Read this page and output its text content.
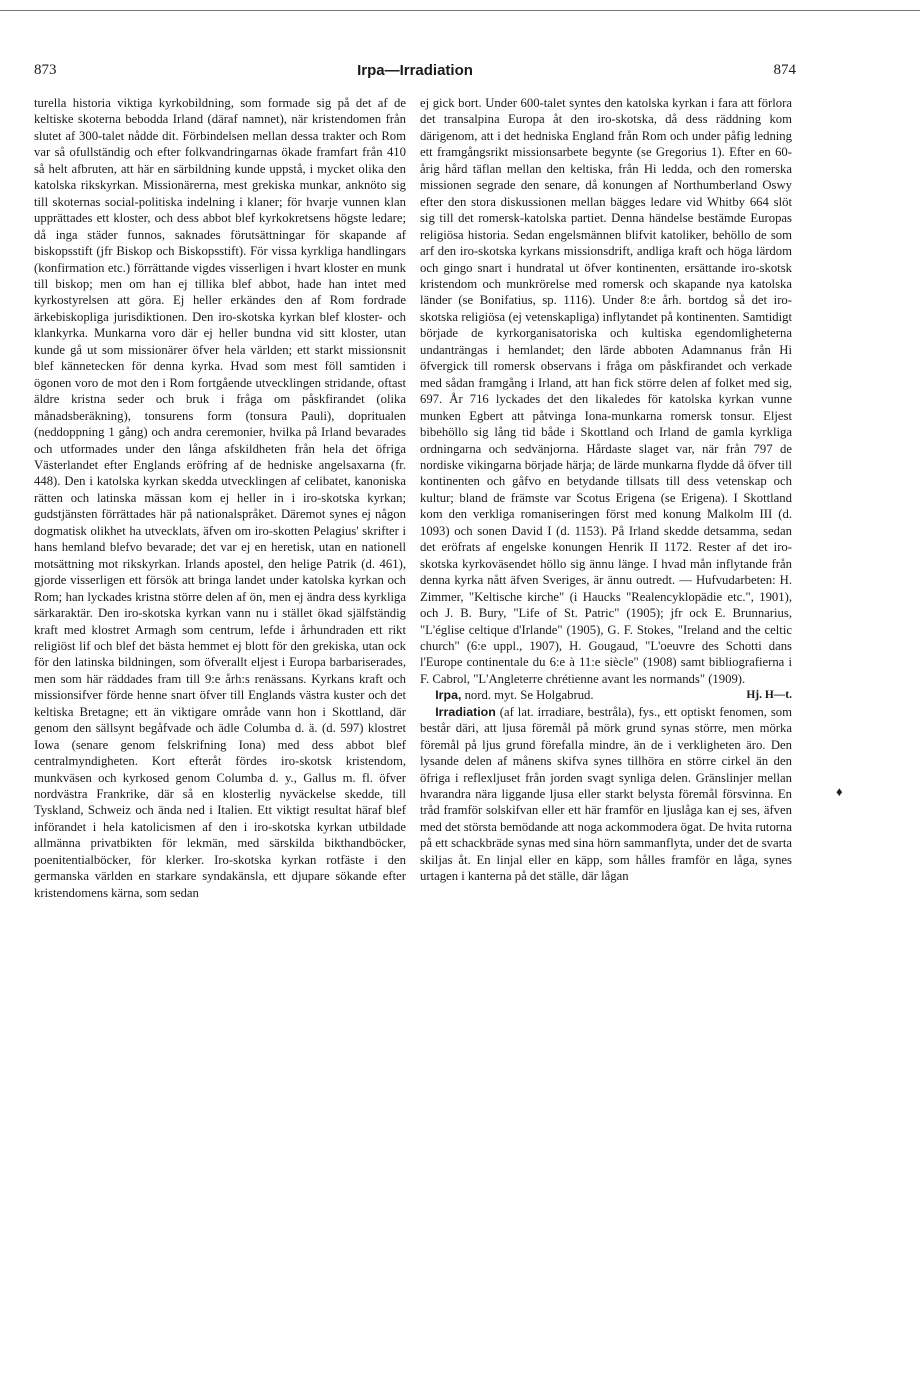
873	Irpa—Irradiation	874

turella historia viktiga kyrkobildning, som formade sig på det af de keltiske skoterna bebodda Irland (däraf namnet), när kristendomen från slutet af 300-talet nådde dit. Förbindelsen mellan dessa trakter och Rom var så ofullständig och efter folkvandringarnas ökade framfart från 410 så helt afbruten, att här en särbildning kunde uppstå, i mycket olika den katolska rikskyrkan. Missionärerna, mest grekiska munkar, anknöto sig till skoternas social-politiska indelning i klaner; för hvarje vunnen klan upprättades ett kloster, och dess abbot blef kyrkokretsens högste ledare; då inga städer funnos, saknades förutsättningar för skapande af biskopsstift (jfr Biskop och Biskopsstift). För vissa kyrkliga handlingars (konfirmation etc.) förrättande vigdes visserligen i hvart kloster en munk till biskop; men om han ej tillika blef abbot, hade han intet med kyrkostyrelsen att göra. Ej heller erkändes den af Rom fordrade ärkebiskopliga jurisdiktionen. Den iro-skotska kyrkan blef kloster- och klankyrka. Munkarna voro där ej heller bundna vid sitt kloster, utan kunde gå ut som missionärer öfver hela världen; ett starkt missionsnit blef kännetecken för denna kyrka. Hvad som mest föll samtiden i ögonen voro de mot den i Rom fortgående utvecklingen stridande, oftast äldre kristna seder och bruk i fråga om påskfirandet (olika månadsberäkning), tonsurens form (tonsura Pauli), dopritualen (neddoppning 1 gång) och andra ceremonier, hvilka på Irland bevarades och utformades under den långa afskildheten från hela det öfriga Västerlandet efter Englands eröfring af de hedniske angelsaxarna (fr. 448). Den i katolska kyrkan skedda utvecklingen af celibatet, kanoniska rätten och latinska mässan kom ej heller in i iro-skotska kyrkan; gudstjänsten förrättades här på nationalspråket. Däremot synes ej någon dogmatisk olikhet ha utvecklats, äfven om iro-skotten Pelagius' skrifter i hans hemland blefvo bevarade; det var ej en heretisk, utan en nationell motsättning mot rikskyrkan. Irlands apostel, den helige Patrik (d. 461), gjorde visserligen ett försök att bringa landet under katolska kyrkan och Rom; han lyckades kristna större delen af ön, men ej ändra dess kyrkliga särkaraktär. Den iro-skotska kyrkan vann nu i stället ökad själfständig kraft med klostret Armagh som centrum, lefde i århundraden ett rikt religiöst lif och blef det bästa hemmet ej blott för den grekiska, utan ock för den latinska bildningen, som öfverallt eljest i Europa barbariserades, men som här räddades fram till 9:e årh:s renässans. Kyrkans kraft och missionsifver förde henne snart öfver till Englands västra kuster och det keltiska Bretagne; ett än viktigare område vann hon i Skottland, där genom den sällsynt begåfvade och ädle Columba d. ä. (d. 597) klostret Iowa (senare genom felskrifning Iona) med dess abbot blef centralmyndigheten. Kort efteråt fördes iro-skotsk kristendom, munkväsen och kyrkosed genom Columba d. y., Gallus m. fl. öfver nordvästra Frankrike, där så en klosterlig nyväckelse skedde, till Tyskland, Schweiz och ända ned i Italien. Ett viktigt resultat häraf blef införandet i hela katolicismen af den i iro-skotska kyrkan utbildade allmänna privatbikten för lekmän, med särskilda bikthandböcker, poenitentialböcker, för klerker. Iro-skotska kyrkan rotfäste i den germanska världen en starkare syndakänsla, ett djupare sökande efter kristendomens kärna, som sedan

ej gick bort. Under 600-talet syntes den katolska kyrkan i fara att förlora det transalpina Europa åt den iro-skotska, då dess räddning kom därigenom, att i det hedniska England från Rom och under påfig ledning ett framgångsrikt missionsarbete begynte (se Gregorius 1). Efter en 60-årig hård täflan mellan den keltiska, från Hi ledda, och den romerska missionen segrade den senare, då konungen af Northumberland Oswy efter den stora diskussionen mellan bägges ledare vid Whitby 664 slöt sig till det romersk-katolska partiet. Denna händelse bestämde Europas religiösa historia. Sedan engelsmännen blifvit katoliker, behöllo de som arf den iro-skotska kyrkans missionsdrift, andliga kraft och höga lärdom och gingo snart i hundratal ut öfver kontinenten, ersättande iro-skotsk kristendom och munkrörelse med romersk och skapande nya katolska länder (se Bonifatius, sp. 1116). Under 8:e årh. bortdog så det iro-skotska religiösa (ej vetenskapliga) inflytandet på kontinenten. Samtidigt började de kyrkorganisatoriska och kultiska egendomligheterna undanträngas i hemlandet; den lärde abboten Adamnanus från Hi öfvergick till romersk observans i fråga om påskfirandet och verkade med sådan framgång i Irland, att han fick större delen af folket med sig, 697. År 716 lyckades det den likaledes för katolska kyrkan vunne munken Egbert att påtvinga Iona-munkarna romersk tonsur. Eljest bibehöllo sig lång tid både i Skottland och Irland de gamla kyrkliga ordningarna och sedvänjorna. Hårdaste slaget var, när från 797 de nordiske vikingarna började härja; de lärde munkarna flydde då öfver till kontinenten och gåfvo en betydande tillsats till dess vetenskap och kultur; bland de främste var Scotus Erigena (se Erigena). I Skottland kom den verkliga romaniseringen först med konung Malkolm III (d. 1093) och sonen David I (d. 1153). På Irland skedde detsamma, sedan det eröfrats af engelske konungen Henrik II 1172. Rester af det iro-skotska kyrkoväsendet höllo sig ännu länge. I hvad mån inflytande från denna kyrka nått äfven Sveriges, är ännu outredt. — Hufvudarbeten: H. Zimmer, "Keltische kirche" (i Haucks "Realencyklopädie etc.", 1901), och J. B. Bury, "Life of St. Patric" (1905); jfr ock E. Brunnarius, "L'église celtique d'Irlande" (1905), G. F. Stokes, "Ireland and the celtic church" (6:e uppl., 1907), H. Gougaud, "L'oeuvre des Schotti dans l'Europe continentale du 6:e à 11:e siècle" (1908) samt bibliografierna i F. Cabrol, "L'Angleterre chrétienne avant les normands" (1909).
Hj. H—t.

Irpa, nord. myt. Se Holgabrud.

Irradiation (af lat. irradiare, bestråla), fys., ett optiskt fenomen, som består däri, att ljusa föremål på mörk grund synas större, men mörka föremål på ljus grund förefalla mindre, än de i verkligheten äro. Den lysande delen af månens skifva synes tillhöra en större cirkel än den öfriga i reflexljuset från jorden svagt synliga delen. Gränslinjer mellan hvarandra nära liggande ljusa eller starkt belysta föremål försvinna. En tråd framför solskifvan eller ett här framför en ljuslåga kan ej ses, äfven med det största bemödande att noga ackommodera ögat. De hvita rutorna på ett schackbräde synas med sina hörn sammanflyta, under det de svarta skiljas åt. En linjal eller en käpp, som hålles framför en låga, synes urtagen i kanterna på det ställe, där lågan

♦
